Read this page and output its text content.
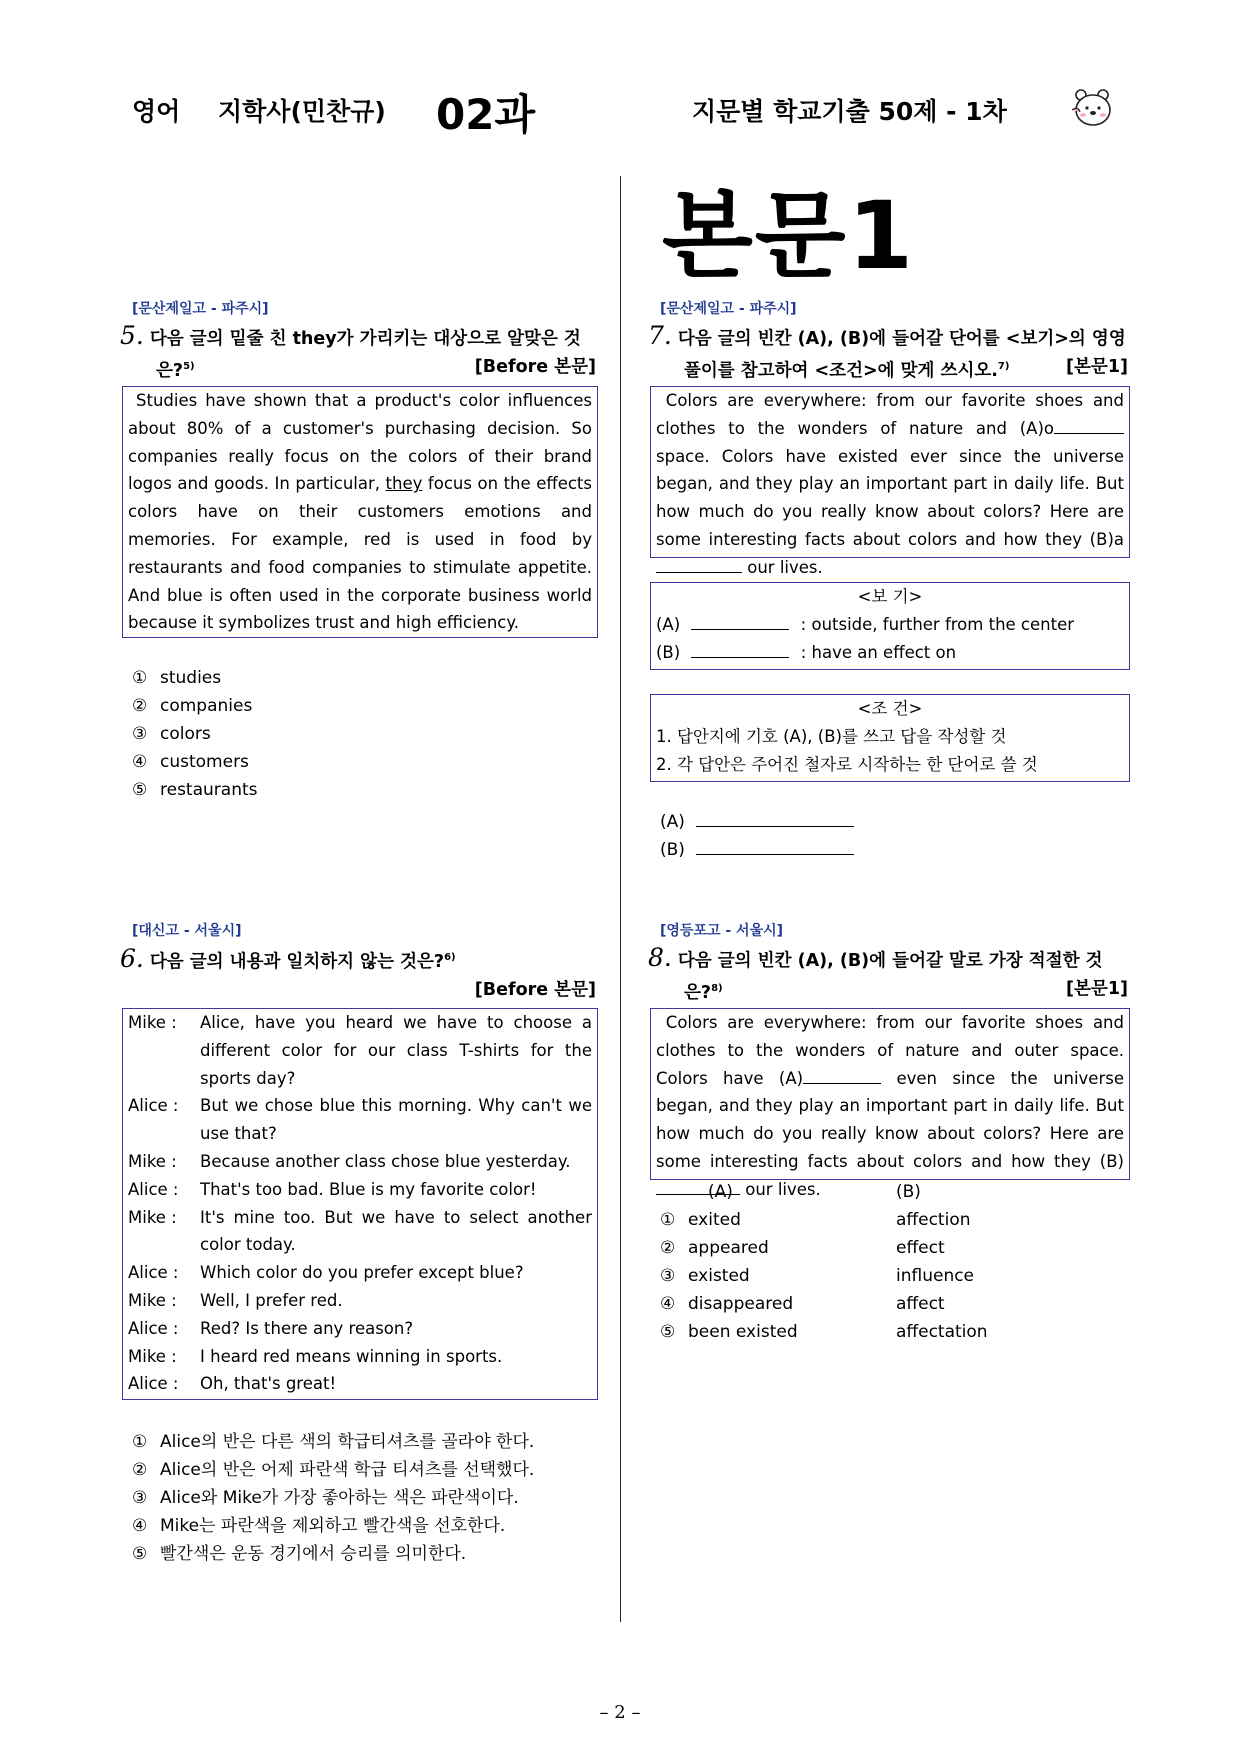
영어 지학사(민찬규) 02과	지문별 학교기출 50제 - 1차
본문1
[문산제일고 - 파주시]
5. 다음 글의 밑줄 친 they가 가리키는 대상으로 알맞은 것
은?$^{5)}$	[Before 본문]
Studies have shown that a product's color influences about 80% of a customer's purchasing decision. So companies really focus on the colors of their brand logos and goods. In particular, they focus on the effects colors have on their customers emotions and memories. For example, red is used in food by restaurants and food companies to stimulate appetite. And blue is often used in the corporate business world because it symbolizes trust and high efficiency.
① studies
② companies
③ colors
④ customers
⑤ restaurants
[대신고 - 서울시]
6. 다음 글의 내용과 일치하지 않는 것은?$^{6)}$
[Before 본문]
Mike :	Alice, have you heard we have to choose a different color for our class T-shirts for the sports day?
Alice :	But we chose blue this morning. Why can't we use that?
Mike :	Because another class chose blue yesterday.
Alice :	That's too bad. Blue is my favorite color!
Mike :	It's mine too. But we have to select another color today.
Alice :	Which color do you prefer except blue?
Mike :	Well, I prefer red.
Alice :	Red? Is there any reason?
Mike :	I heard red means winning in sports.
Alice :	Oh, that's great!
① Alice의 반은 다른 색의 학급티셔츠를 골라야 한다.
② Alice의 반은 어제 파란색 학급 티셔츠를 선택했다.
③ Alice와 Mike가 가장 좋아하는 색은 파란색이다.
④ Mike는 파란색을 제외하고 빨간색을 선호한다.
⑤ 빨간색은 운동 경기에서 승리를 의미한다.
[문산제일고 - 파주시]
7. 다음 글의 빈칸 (A), (B)에 들어갈 단어를 <보기>의 영영
풀이를 참고하여 <조건>에 맞게 쓰시오.$^{7)}$	[본문1]
Colors are everywhere: from our favorite shoes and clothes to the wonders of nature and (A)o space. Colors have existed ever since the universe began, and they play an important part in daily life. But how much do you really know about colors? Here are some interesting facts about colors and how they (B)a our lives.
<보 기>
(A)	: outside, further from the center
(B)	: have an effect on
<조 건>
1. 답안지에 기호 (A), (B)를 쓰고 답을 작성할 것
2. 각 답안은 주어진 철자로 시작하는 한 단어로 쓸 것
(A)
(B)
[영등포고 - 서울시]
8. 다음 글의 빈칸 (A), (B)에 들어갈 말로 가장 적절한 것
은?$^{8)}$	[본문1]
Colors are everywhere: from our favorite shoes and clothes to the wonders of nature and outer space. Colors have (A)	even since the universe began, and they play an important part in daily life. But how much do you really know about colors? Here are some interesting facts about colors and how they (B) our lives.
(A)	(B)
① exited	affection
② appeared	effect
③ existed	influence
④ disappeared	affect
⑤ been existed	affectation
– 2 –
